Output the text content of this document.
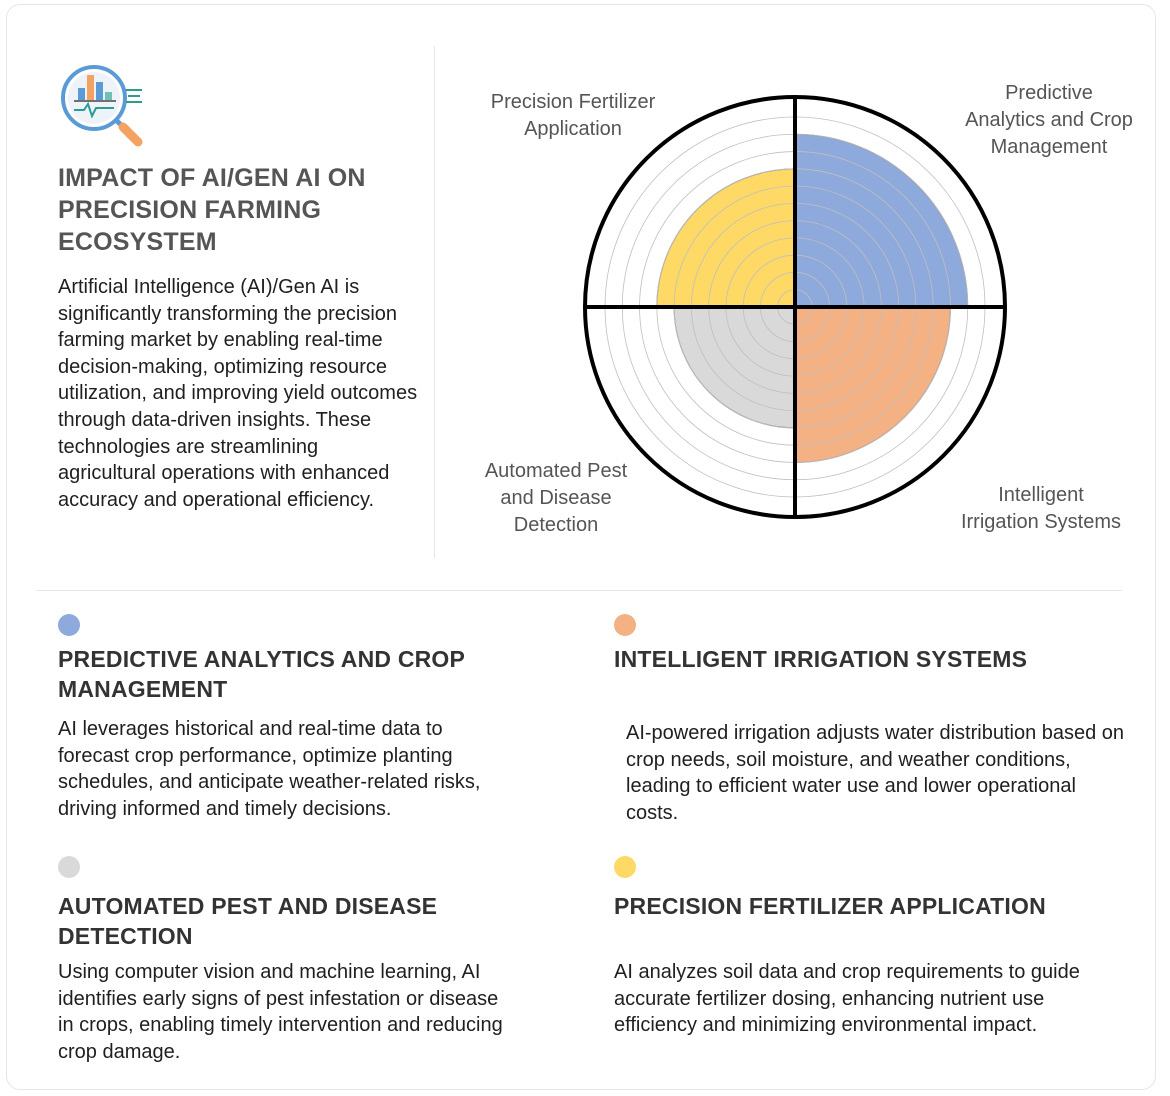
IMPACT OF AI/GEN AI ON
PRECISION FARMING
ECOSYSTEM
Artificial Intelligence (AI)/Gen AI is significantly transforming the precision farming market by enabling real-time decision-making, optimizing resource utilization, and improving yield outcomes through data-driven insights. These technologies are streamlining agricultural operations with enhanced accuracy and operational efficiency.
Predictive
Analytics and Crop
Management
Precision Fertilizer
Application
Automated Pest
and Disease
Detection
Intelligent
Irrigation Systems
PREDICTIVE ANALYTICS AND CROP
MANAGEMENT
AI leverages historical and real-time data to forecast crop performance, optimize planting schedules, and anticipate weather-related risks, driving informed and timely decisions.
INTELLIGENT IRRIGATION SYSTEMS
AI-powered irrigation adjusts water distribution based on crop needs, soil moisture, and weather conditions, leading to efficient water use and lower operational costs.
AUTOMATED PEST AND DISEASE
DETECTION
Using computer vision and machine learning, AI identifies early signs of pest infestation or disease in crops, enabling timely intervention and reducing crop damage.
PRECISION FERTILIZER APPLICATION
AI analyzes soil data and crop requirements to guide accurate fertilizer dosing, enhancing nutrient use efficiency and minimizing environmental impact.
